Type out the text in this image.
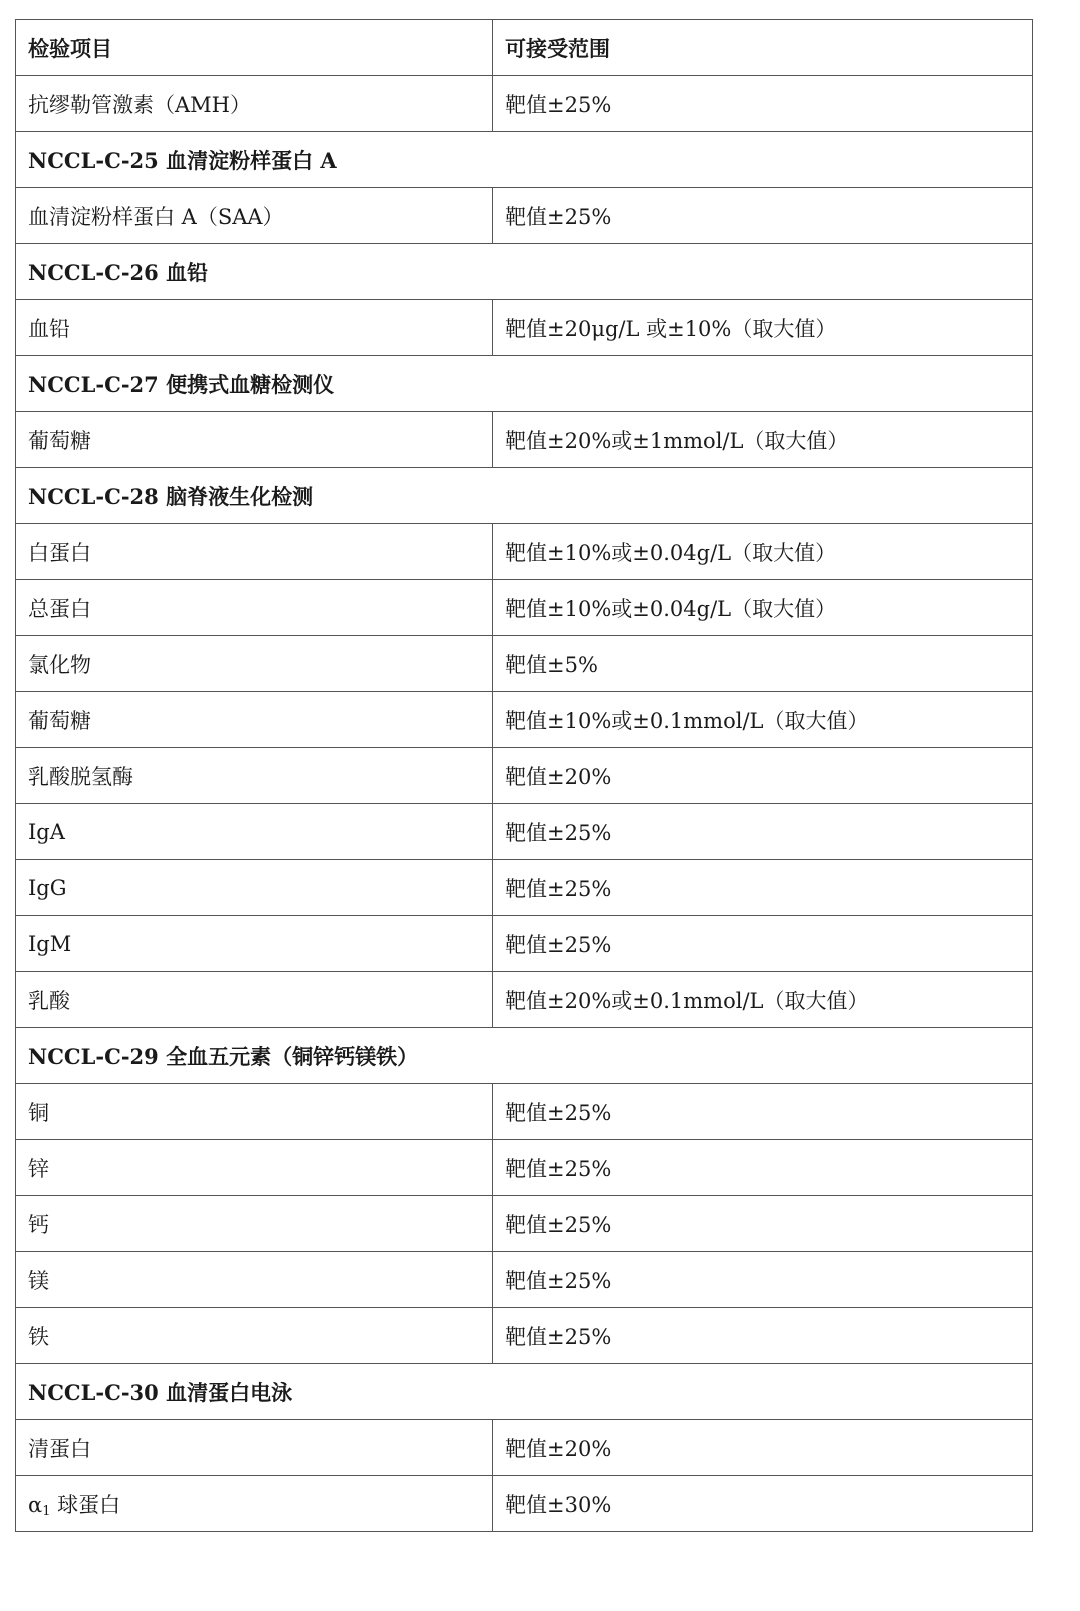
检验项目	可接受范围
抗缪勒管激素（AMH）	靶值±25%
NCCL-C-25 血清淀粉样蛋白 A	
血清淀粉样蛋白 A（SAA）	靶值±25%
NCCL-C-26 血铅	
血铅	靶值±20μg/L 或±10%（取大值）
NCCL-C-27 便携式血糖检测仪	
葡萄糖	靶值±20%或±1mmol/L（取大值）
NCCL-C-28 脑脊液生化检测	
白蛋白	靶值±10%或±0.04g/L（取大值）
总蛋白	靶值±10%或±0.04g/L（取大值）
氯化物	靶值±5%
葡萄糖	靶值±10%或±0.1mmol/L（取大值）
乳酸脱氢酶	靶值±20%
IgA	靶值±25%
IgG	靶值±25%
IgM	靶值±25%
乳酸	靶值±20%或±0.1mmol/L（取大值）
NCCL-C-29 全血五元素（铜锌钙镁铁）	
铜	靶值±25%
锌	靶值±25%
钙	靶值±25%
镁	靶值±25%
铁	靶值±25%
NCCL-C-30 血清蛋白电泳	
清蛋白	靶值±20%
$\alpha_1$ 球蛋白	靶值±30%
